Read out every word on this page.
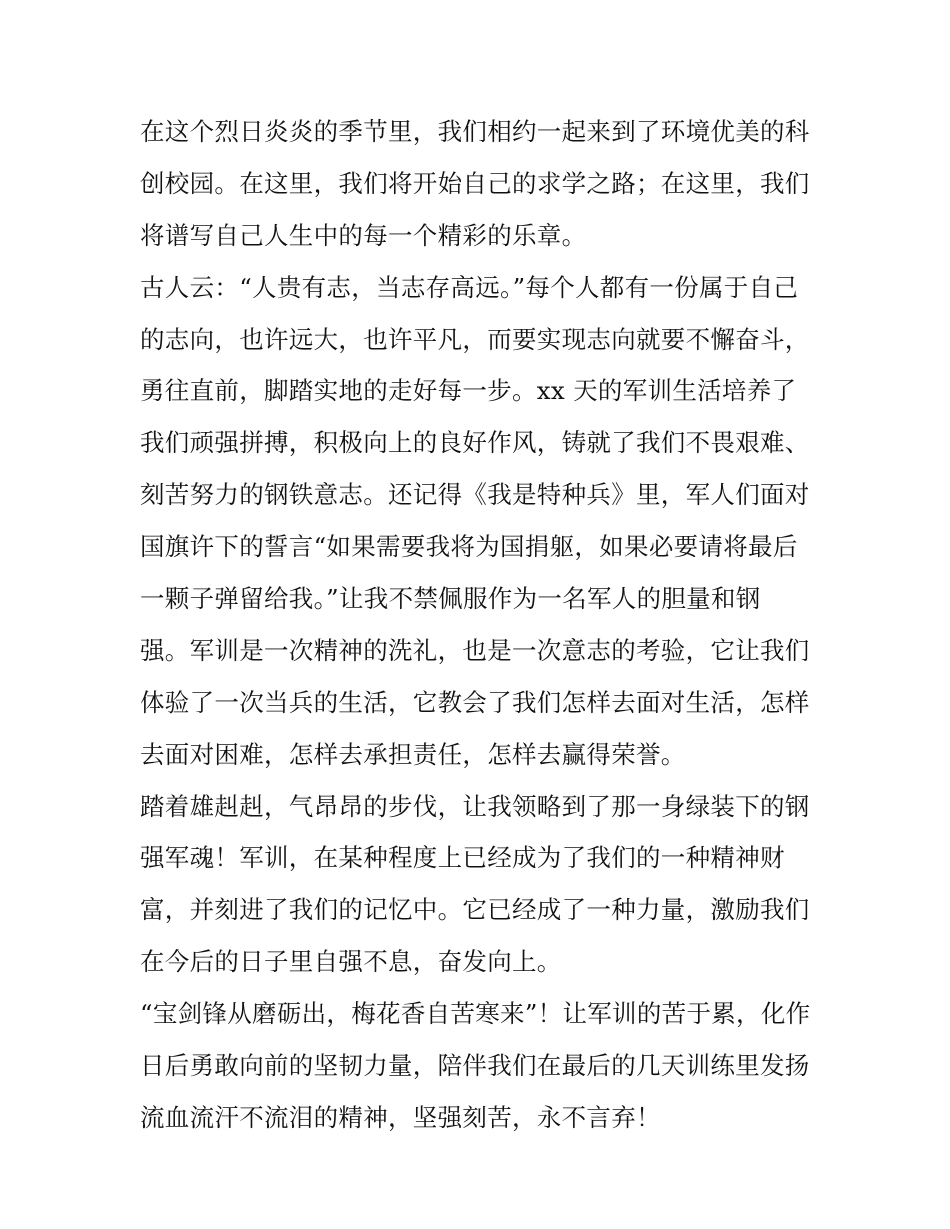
在这个烈日炎炎的季节里，我们相约一起来到了环境优美的科
创校园。在这里，我们将开始自己的求学之路；在这里，我们
将谱写自己人生中的每一个精彩的乐章。
古人云：“人贵有志，当志存高远。”每个人都有一份属于自己
的志向，也许远大，也许平凡，而要实现志向就要不懈奋斗，
勇往直前，脚踏实地的走好每一步。xx 天的军训生活培养了
我们顽强拼搏，积极向上的良好作风，铸就了我们不畏艰难、
刻苦努力的钢铁意志。还记得《我是特种兵》里，军人们面对
国旗许下的誓言“如果需要我将为国捐躯，如果必要请将最后
一颗子弹留给我。”让我不禁佩服作为一名军人的胆量和钢
强。军训是一次精神的洗礼，也是一次意志的考验，它让我们
体验了一次当兵的生活，它教会了我们怎样去面对生活，怎样
去面对困难，怎样去承担责任，怎样去赢得荣誉。
踏着雄赳赳，气昂昂的步伐，让我领略到了那一身绿装下的钢
强军魂！军训，在某种程度上已经成为了我们的一种精神财
富，并刻进了我们的记忆中。它已经成了一种力量，激励我们
在今后的日子里自强不息，奋发向上。
“宝剑锋从磨砺出，梅花香自苦寒来”！让军训的苦于累，化作
日后勇敢向前的坚韧力量，陪伴我们在最后的几天训练里发扬
流血流汗不流泪的精神，坚强刻苦，永不言弃！
